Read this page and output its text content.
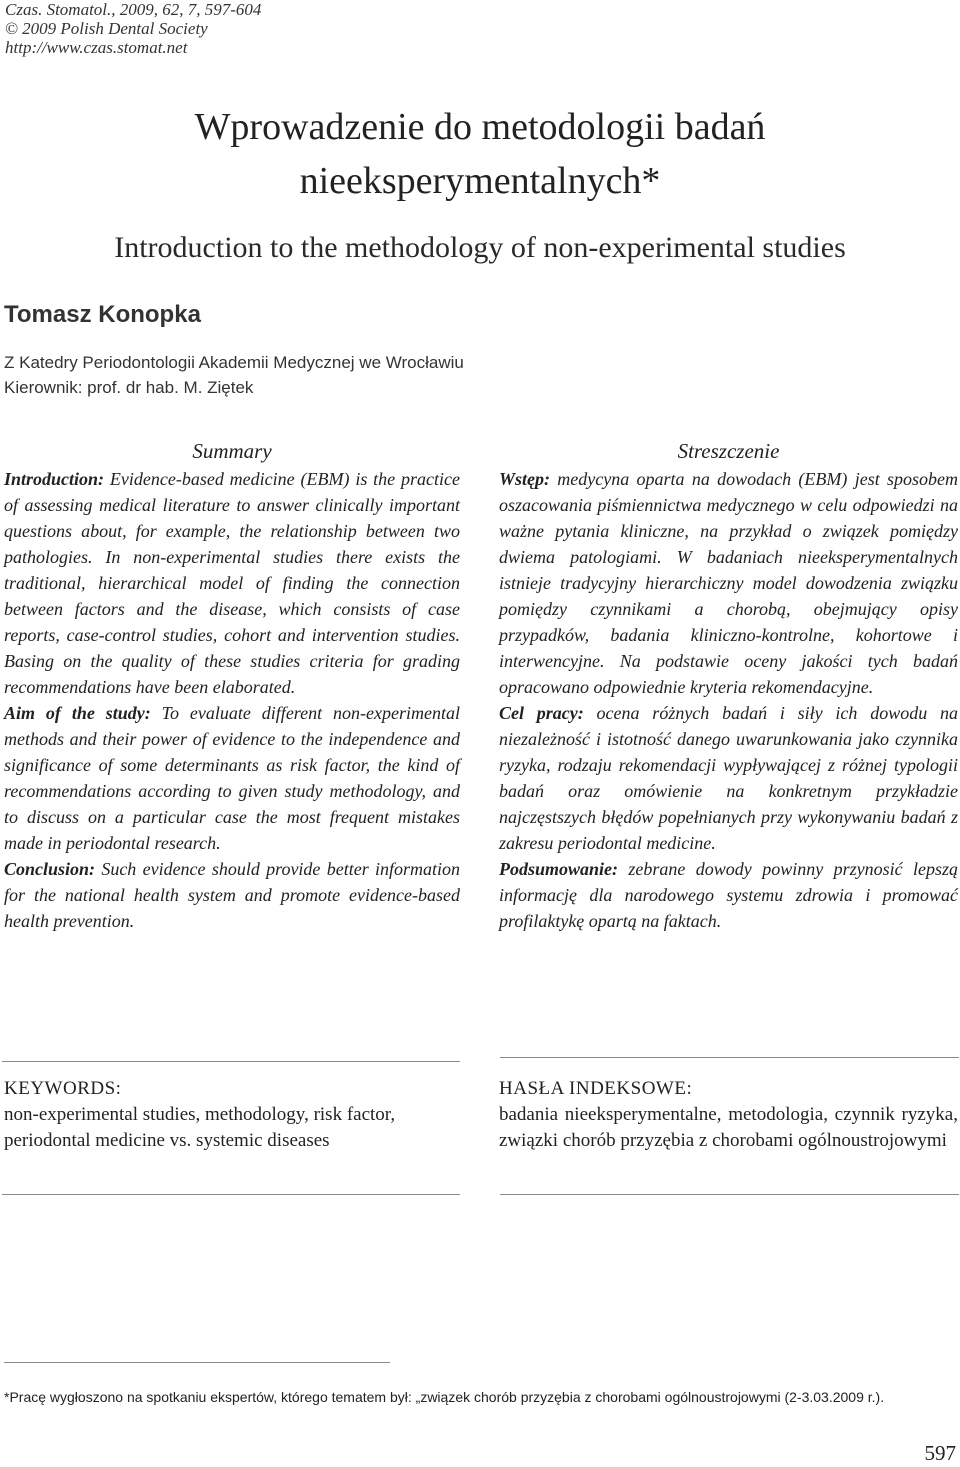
Czas. Stomatol., 2009, 62, 7, 597-604
© 2009 Polish Dental Society
http://www.czas.stomat.net
Wprowadzenie do metodologii badań
nieeksperymentalnych*
Introduction to the methodology of non-experimental studies
Tomasz Konopka
Z Katedry Periodontologii Akademii Medycznej we Wrocławiu
Kierownik: prof. dr hab. M. Ziętek
Summary

Introduction: Evidence-based medicine (EBM) is the practice of assessing medical literature to answer clinically important questions about, for example, the relationship between two pathologies. In non-experimental studies there exists the traditional, hierarchical model of finding the connection between factors and the disease, which consists of case reports, case-control studies, cohort and intervention studies. Basing on the quality of these studies criteria for grading recommendations have been elaborated.

Aim of the study: To evaluate different non-experimental methods and their power of evidence to the independence and significance of some determinants as risk factor, the kind of recommendations according to given study methodology, and to discuss on a particular case the most frequent mistakes made in periodontal research.

Conclusion: Such evidence should provide better information for the national health system and promote evidence-based health prevention.

Streszczenie

Wstęp: medycyna oparta na dowodach (EBM) jest sposobem oszacowania piśmiennictwa medycznego w celu odpowiedzi na ważne pytania kliniczne, na przykład o związek pomiędzy dwiema patologiami. W badaniach nieeksperymentalnych istnieje tradycyjny hierarchiczny model dowodzenia związku pomiędzy czynnikami a chorobą, obejmujący opisy przypadków, badania kliniczno-kontrolne, kohortowe i interwencyjne. Na podstawie oceny jakości tych badań opracowano odpowiednie kryteria rekomendacyjne.

Cel pracy: ocena różnych badań i siły ich dowodu na niezależność i istotność danego uwarunkowania jako czynnika ryzyka, rodzaju rekomendacji wypływającej z różnej typologii badań oraz omówienie na konkretnym przykładzie najczęstszych błędów popełnianych przy wykonywaniu badań z zakresu periodontal medicine.

Podsumowanie: zebrane dowody powinny przynosić lepszą informację dla narodowego systemu zdrowia i promować profilaktykę opartą na faktach.

KEYWORDS:
non-experimental studies, methodology, risk factor, periodontal medicine vs. systemic diseases
HASŁA INDEKSOWE:
badania nieeksperymentalne, metodologia, czynnik ryzyka, związki chorób przyzębia z chorobami ogólnoustrojowymi
*Pracę wygłoszono na spotkaniu ekspertów, którego tematem był: „związek chorób przyzębia z chorobami ogólnoustrojowymi (2-3.03.2009 r.).
597
